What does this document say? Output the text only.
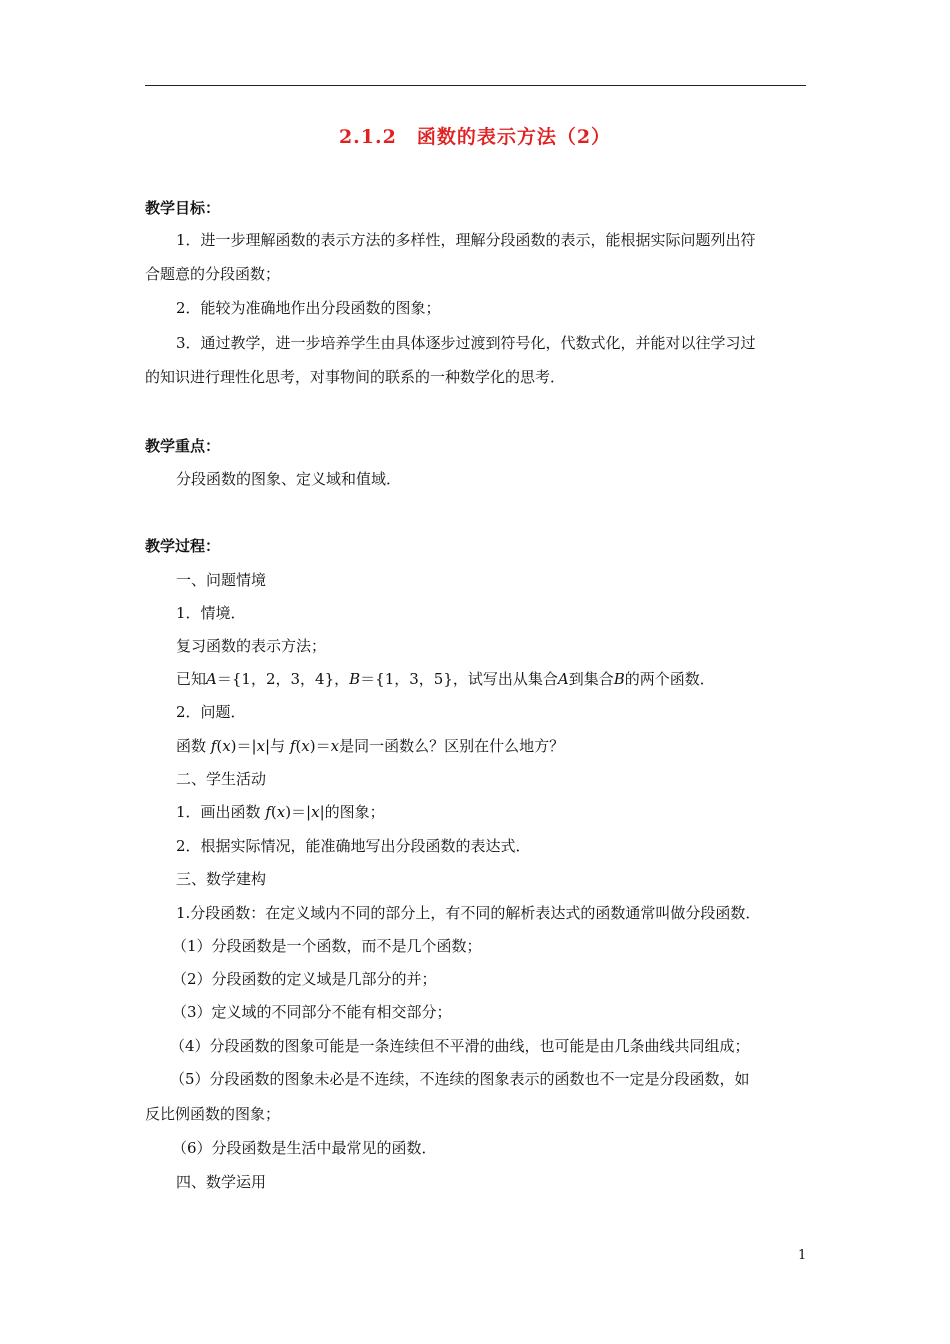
2.1.2　函数的表示方法（2）
教学目标：
1．进一步理解函数的表示方法的多样性，理解分段函数的表示，能根据实际问题列出符
合题意的分段函数；
2．能较为准确地作出分段函数的图象；
3．通过教学，进一步培养学生由具体逐步过渡到符号化，代数式化，并能对以往学习过
的知识进行理性化思考，对事物间的联系的一种数学化的思考．
教学重点：
分段函数的图象、定义域和值域．
教学过程：
一、问题情境
1．情境．
复习函数的表示方法；
已知A＝{1，2，3，4}，B＝{1，3，5}，试写出从集合A到集合B的两个函数．
2．问题．
函数 f(x)＝|x|与 f(x)＝x是同一函数么？区别在什么地方？
二、学生活动
1．画出函数 f(x)＝|x|的图象；
2．根据实际情况，能准确地写出分段函数的表达式．
三、数学建构
1.分段函数：在定义域内不同的部分上，有不同的解析表达式的函数通常叫做分段函数．
（1）分段函数是一个函数，而不是几个函数；
（2）分段函数的定义域是几部分的并；
（3）定义域的不同部分不能有相交部分；
（4）分段函数的图象可能是一条连续但不平滑的曲线，也可能是由几条曲线共同组成；
（5）分段函数的图象未必是不连续，不连续的图象表示的函数也不一定是分段函数，如
反比例函数的图象；
（6）分段函数是生活中最常见的函数．
四、数学运用
1
